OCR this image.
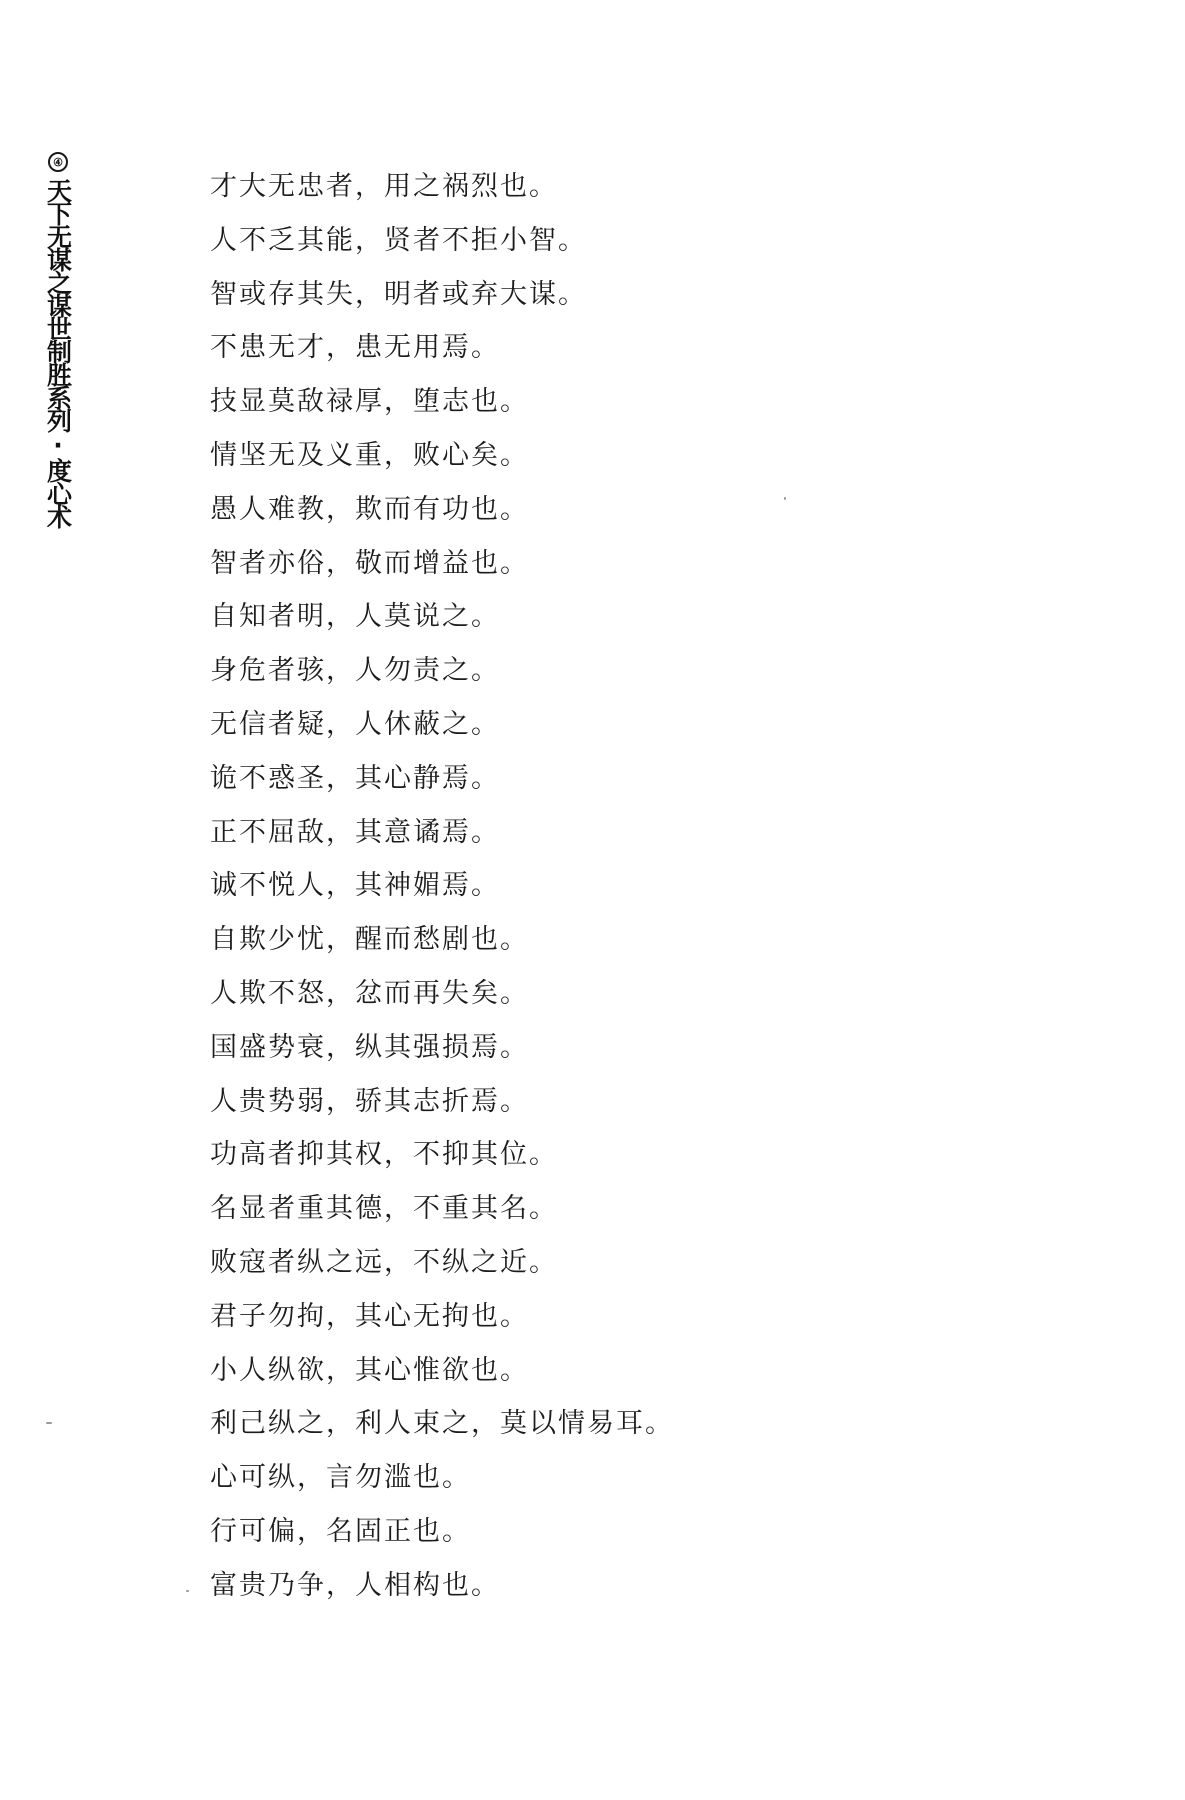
④
天下无谋之谋世制胜系列·度心术	才大无忠者，用之祸烈也。
人不乏其能，贤者不拒小智。
智或存其失，明者或弃大谋。
不患无才，患无用焉。
技显莫敌禄厚，堕志也。
情坚无及义重，败心矣。
愚人难教，欺而有功也。
智者亦俗，敬而增益也。
自知者明，人莫说之。
身危者骇，人勿责之。
无信者疑，人休蔽之。
诡不惑圣，其心静焉。
正不屈敌，其意谲焉。
诚不悦人，其神媚焉。
自欺少忧，醒而愁剧也。
人欺不怒，忿而再失矣。
国盛势衰，纵其强损焉。
人贵势弱，骄其志折焉。
功高者抑其权，不抑其位。
名显者重其德，不重其名。
败寇者纵之远，不纵之近。
君子勿拘，其心无拘也。
小人纵欲，其心惟欲也。
利己纵之，利人束之，莫以情易耳。
心可纵，言勿滥也。
行可偏，名固正也。
富贵乃争，人相构也。
